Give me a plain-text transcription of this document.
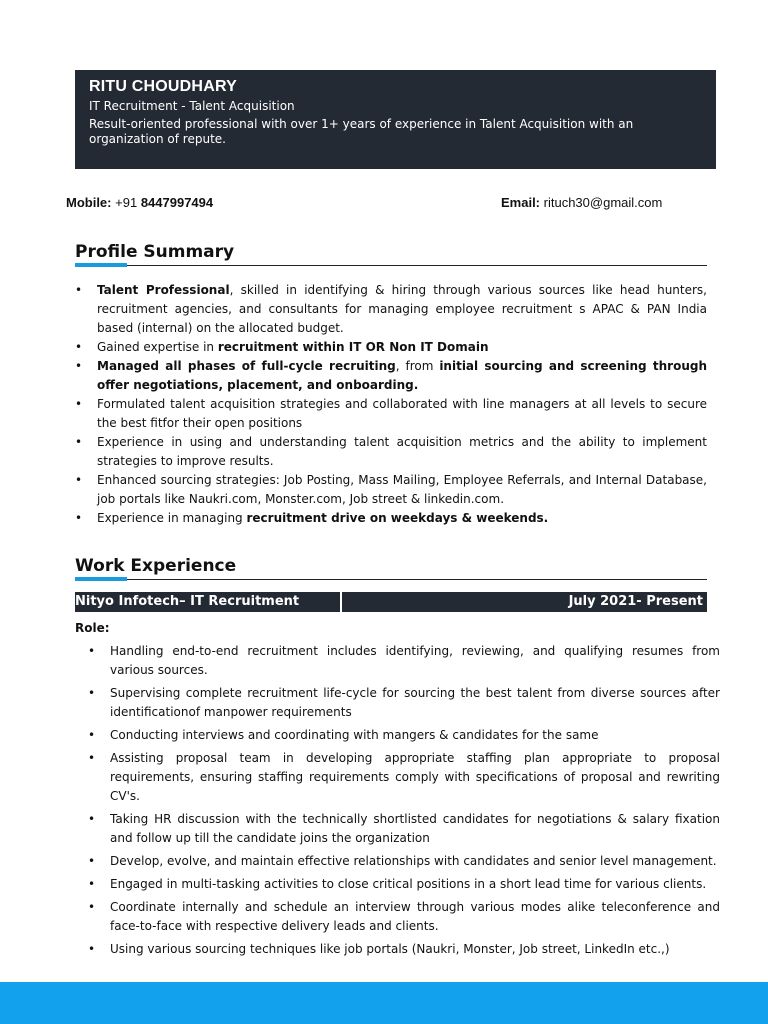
RITU CHOUDHARY
IT Recruitment - Talent Acquisition
Result-oriented professional with over 1+ years of experience in Talent Acquisition with an organization of repute.
Mobile: +91 8447997494	Email: rituch30@gmail.com
Profile Summary
• Talent Professional, skilled in identifying & hiring through various sources like head hunters, recruitment agencies, and consultants for managing employee recruitment s APAC & PAN India based (internal) on the allocated budget.
• Gained expertise in recruitment within IT OR Non IT Domain
• Managed all phases of full-cycle recruiting, from initial sourcing and screening through offer negotiations, placement, and onboarding.
• Formulated talent acquisition strategies and collaborated with line managers at all levels to secure the best fitfor their open positions
• Experience in using and understanding talent acquisition metrics and the ability to implement strategies to improve results.
• Enhanced sourcing strategies: Job Posting, Mass Mailing, Employee Referrals, and Internal Database, job portals like Naukri.com, Monster.com, Job street & linkedin.com.
• Experience in managing recruitment drive on weekdays & weekends.
Work Experience
Nityo Infotech– IT Recruitment	July 2021- Present
Role:
• Handling end-to-end recruitment includes identifying, reviewing, and qualifying resumes from various sources.
• Supervising complete recruitment life-cycle for sourcing the best talent from diverse sources after identificationof manpower requirements
• Conducting interviews and coordinating with mangers & candidates for the same
• Assisting proposal team in developing appropriate staffing plan appropriate to proposal requirements, ensuring staffing requirements comply with specifications of proposal and rewriting CV's.
• Taking HR discussion with the technically shortlisted candidates for negotiations & salary fixation and follow up till the candidate joins the organization
• Develop, evolve, and maintain effective relationships with candidates and senior level management.
• Engaged in multi-tasking activities to close critical positions in a short lead time for various clients.
• Coordinate internally and schedule an interview through various modes alike teleconference and face-to-face with respective delivery leads and clients.
• Using various sourcing techniques like job portals (Naukri, Monster, Job street, LinkedIn etc.,)
